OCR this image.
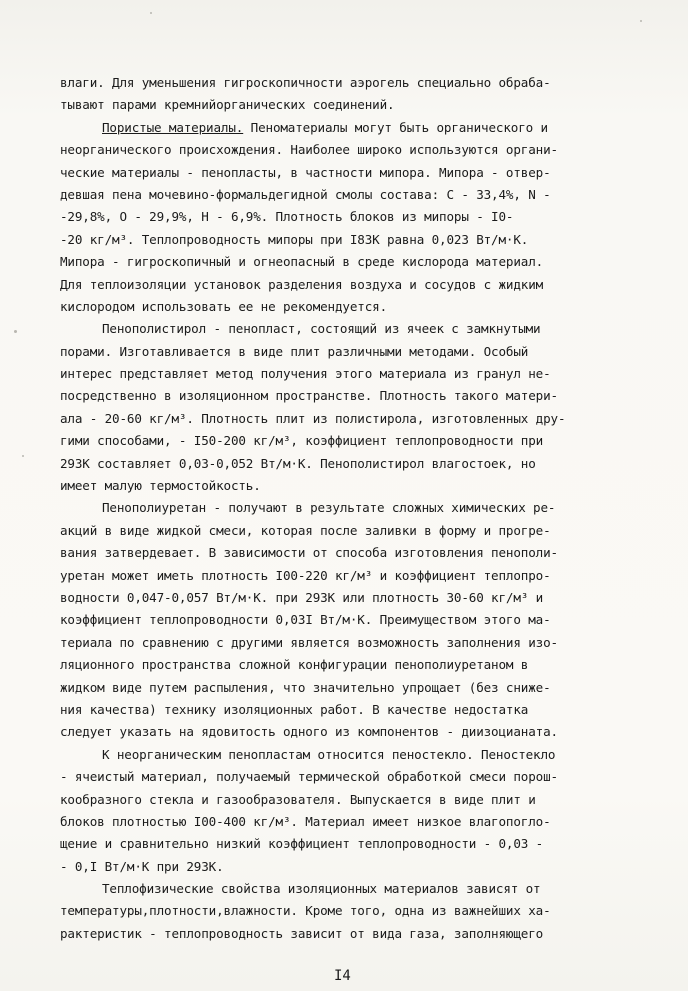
влаги. Для уменьшения гигроскопичности аэрогель специально обраба-
тывают парами кремнийорганических соединений.
Пористые материалы. Пеноматериалы могут быть органического и
неорганического происхождения. Наиболее широко используются органи-
ческие материалы - пенопласты, в частности мипора. Мипора - отвер-
девшая пена мочевино-формальдегидной смолы состава: С - 33,4%, N -
-29,8%, О - 29,9%, Н - 6,9%. Плотность блоков из мипоры - I0-
-20 кг/м³. Теплопроводность мипоры при I83К равна 0,023 Вт/м·К.
Мипора - гигроскопичный и огнеопасный в среде кислорода материал.
Для теплоизоляции установок разделения воздуха и сосудов с жидким
кислородом использовать ее не рекомендуется.
Пенополистирол - пенопласт, состоящий из ячеек с замкнутыми
порами. Изготавливается в виде плит различными методами. Особый
интерес представляет метод получения этого материала из гранул не-
посредственно в изоляционном пространстве. Плотность такого матери-
ала - 20-60 кг/м³. Плотность плит из полистирола, изготовленных дру-
гими способами, - I50-200 кг/м³, коэффициент теплопроводности при
293К составляет 0,03-0,052 Вт/м·К. Пенополистирол влагостоек, но
имеет малую термостойкость.
Пенополиуретан - получают в результате сложных химических ре-
акций в виде жидкой смеси, которая после заливки в форму и прогре-
вания затвердевает. В зависимости от способа изготовления пенополи-
уретан может иметь плотность I00-220 кг/м³ и коэффициент теплопро-
водности 0,047-0,057 Вт/м·К. при 293К или плотность 30-60 кг/м³ и
коэффициент теплопроводности 0,03I Вт/м·К. Преимуществом этого ма-
териала по сравнению с другими является возможность заполнения изо-
ляционного пространства сложной конфигурации пенополиуретаном в
жидком виде путем распыления, что значительно упрощает (без сниже-
ния качества) технику изоляционных работ. В качестве недостатка
следует указать на ядовитость одного из компонентов - диизоцианата.
К неорганическим пенопластам относится пеностекло. Пеностекло
- ячеистый материал, получаемый термической обработкой смеси порош-
кообразного стекла и газообразователя. Выпускается в виде плит и
блоков плотностью I00-400 кг/м³. Материал имеет низкое влагопогло-
щение и сравнительно низкий коэффициент теплопроводности - 0,03 -
- 0,I Вт/м·К при 293К.
Теплофизические свойства изоляционных материалов зависят от
температуры,плотности,влажности. Кроме того, одна из важнейших ха-
рактеристик - теплопроводность зависит от вида газа, заполняющего
I4
